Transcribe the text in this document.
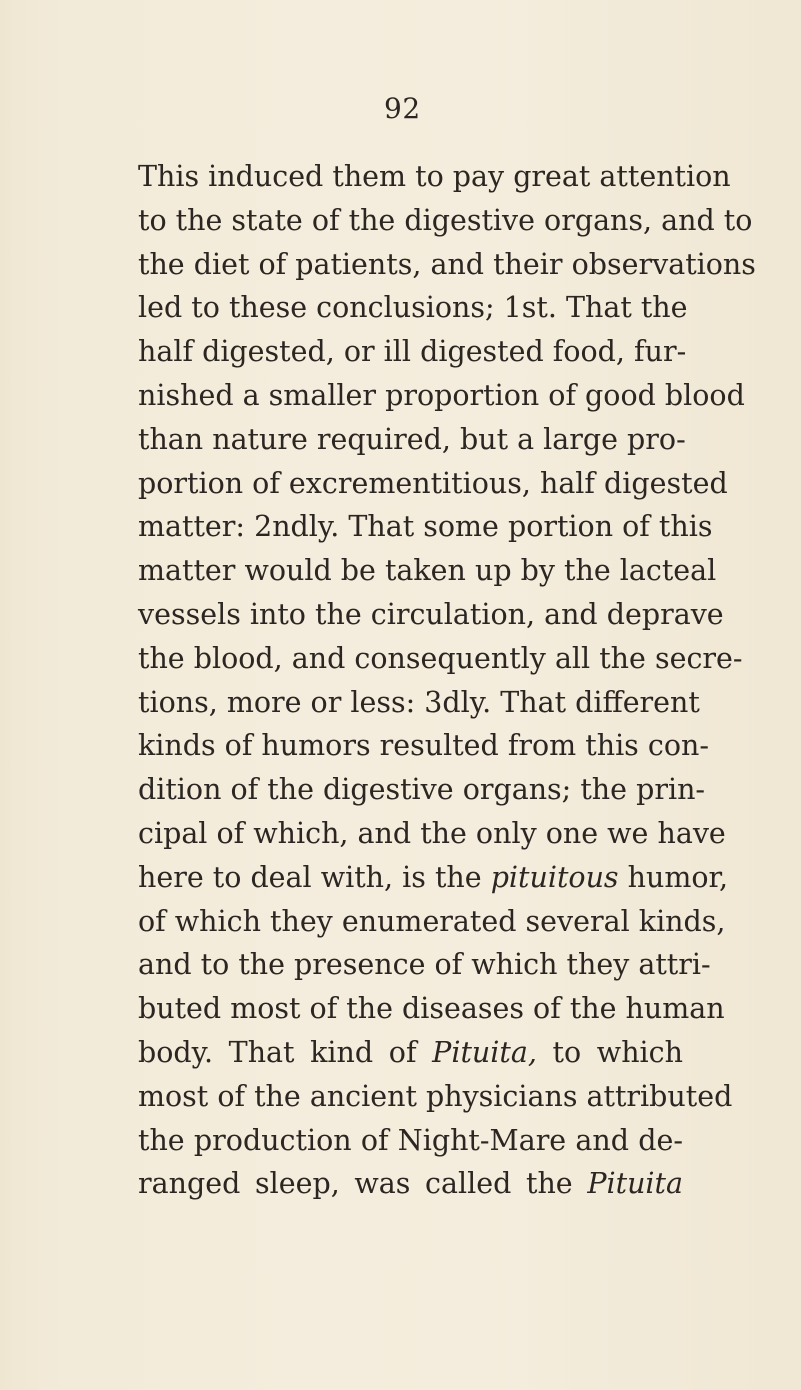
92
This induced them to pay great attention
to the state of the digestive organs, and to
the diet of patients, and their observations
led to these conclusions; 1st. That the
half digested, or ill digested food, fur-
nished a smaller proportion of good blood
than nature required, but a large pro-
portion of excrementitious, half digested
matter: 2ndly. That some portion of this
matter would be taken up by the lacteal
vessels into the circulation, and deprave
the blood, and consequently all the secre-
tions, more or less: 3dly. That different
kinds of humors resulted from this con-
dition of the digestive organs; the prin-
cipal of which, and the only one we have
here to deal with, is the pituitous humor,
of which they enumerated several kinds,
and to the presence of which they attri-
buted most of the diseases of the human
body. That kind of Pituita, to which
most of the ancient physicians attributed
the production of Night-Mare and de-
ranged sleep, was called the Pituita
